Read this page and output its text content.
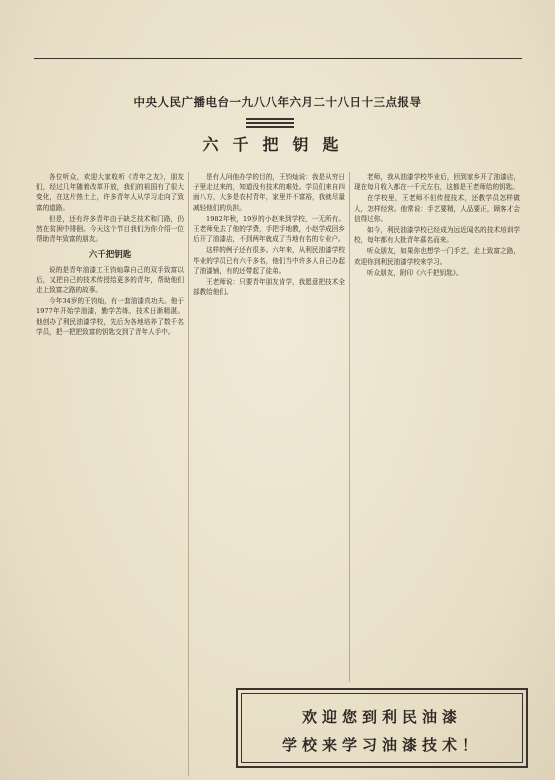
中央人民广播电台一九八八年六月二十八日十三点报导
六千把钥匙

各位听众，欢迎大家收听《青年之友》，朋友们，经过几年随着改革开放，我们的祖国有了很大变化，在这片热土上，许多青年人从学习走向了致富的道路。

但是，还有许多青年由于缺乏技术和门路，仍然在贫困中徘徊。今天这个节目我们为你介绍一位帮助青年致富的朋友。

六千把钥匙

说的是青年油漆工王钧灿靠自己的双手致富以后，又把自己的技术传授给更多的青年，帮助他们走上致富之路的故事。

今年34岁的王钧灿，有一套油漆真功夫。他于1977年开始学油漆，勤学苦练，技术日渐精湛。他创办了利民油漆学校，先后为各地培养了数千名学员，把一把把致富的钥匙交到了青年人手中。

是有人问他办学的目的，王钧灿说：我是从穷日子里走过来的，知道没有技术的难处。学员们来自四面八方，大多是农村青年，家里并不富裕，我就尽量减轻他们的负担。

1982年秋，19岁的小赵来到学校，一无所有。王老师免去了他的学费，手把手地教，小赵学成回乡后开了油漆店，不到两年就成了当地有名的专业户。

这样的例子还有很多。六年来，从利民油漆学校毕业的学员已有六千多名，他们当中许多人自己办起了油漆铺，有的还带起了徒弟。

王老师说：只要青年朋友肯学，我愿意把技术全部教给他们。

老师，我从油漆学校毕业后，回到家乡开了油漆店，现在每月收入都在一千元左右，这都是王老师给的钥匙。

在学校里，王老师不但传授技术，还教学员怎样做人，怎样经营。他常说：手艺要精，人品要正，顾客才会信得过你。

如今，利民油漆学校已经成为远近闻名的技术培训学校，每年都有大批青年慕名而来。

听众朋友，如果你也想学一门手艺，走上致富之路，欢迎你到利民油漆学校来学习。

听众朋友，附印《六千把钥匙》。

欢迎您到利民油漆
学校来学习油漆技术！
